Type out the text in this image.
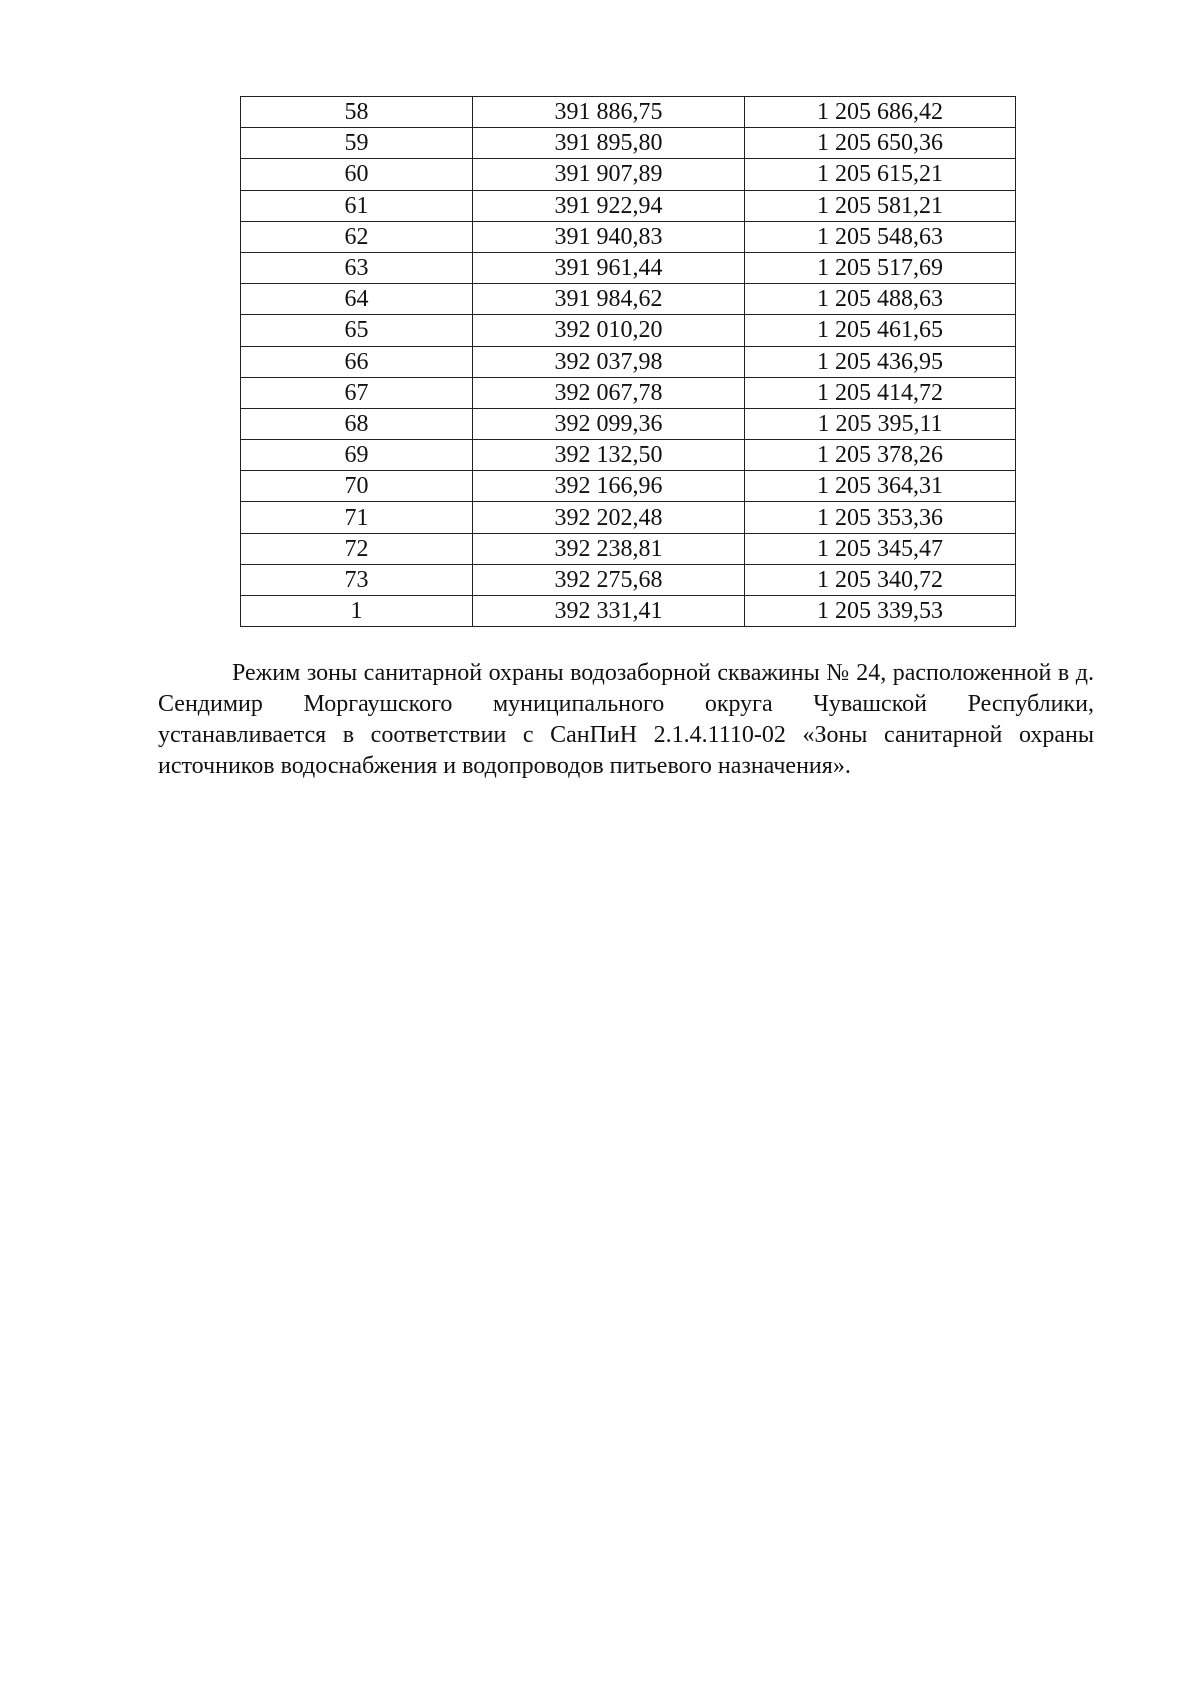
58	391 886,75	1 205 686,42
59	391 895,80	1 205 650,36
60	391 907,89	1 205 615,21
61	391 922,94	1 205 581,21
62	391 940,83	1 205 548,63
63	391 961,44	1 205 517,69
64	391 984,62	1 205 488,63
65	392 010,20	1 205 461,65
66	392 037,98	1 205 436,95
67	392 067,78	1 205 414,72
68	392 099,36	1 205 395,11
69	392 132,50	1 205 378,26
70	392 166,96	1 205 364,31
71	392 202,48	1 205 353,36
72	392 238,81	1 205 345,47
73	392 275,68	1 205 340,72
1	392 331,41	1 205 339,53

Режим зоны санитарной охраны водозаборной скважины № 24, расположенной в д. Сендимир Моргаушского муниципального округа Чувашской Республики, устанавливается в соответствии с СанПиН 2.1.4.1110-02 «Зоны санитарной охраны источников водоснабжения и водопроводов питьевого назначения».
